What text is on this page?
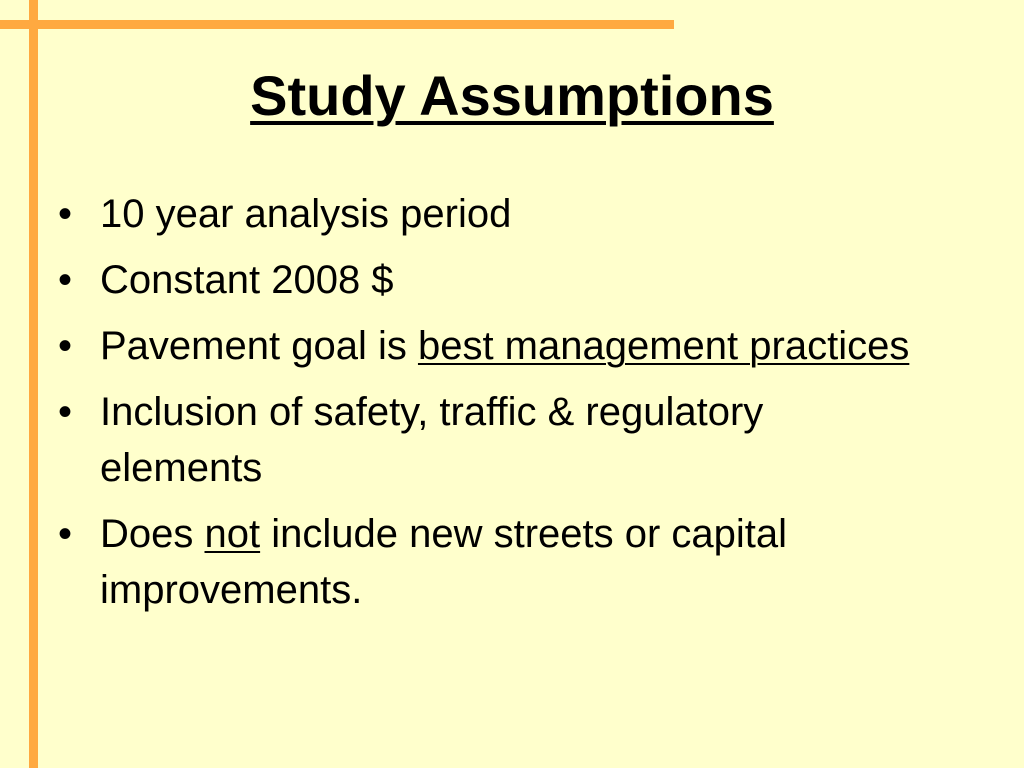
Study Assumptions
• 10 year analysis period
• Constant 2008 $
• Pavement goal is best management practices
• Inclusion of safety, traffic & regulatory elements
• Does not include new streets or capital improvements.
